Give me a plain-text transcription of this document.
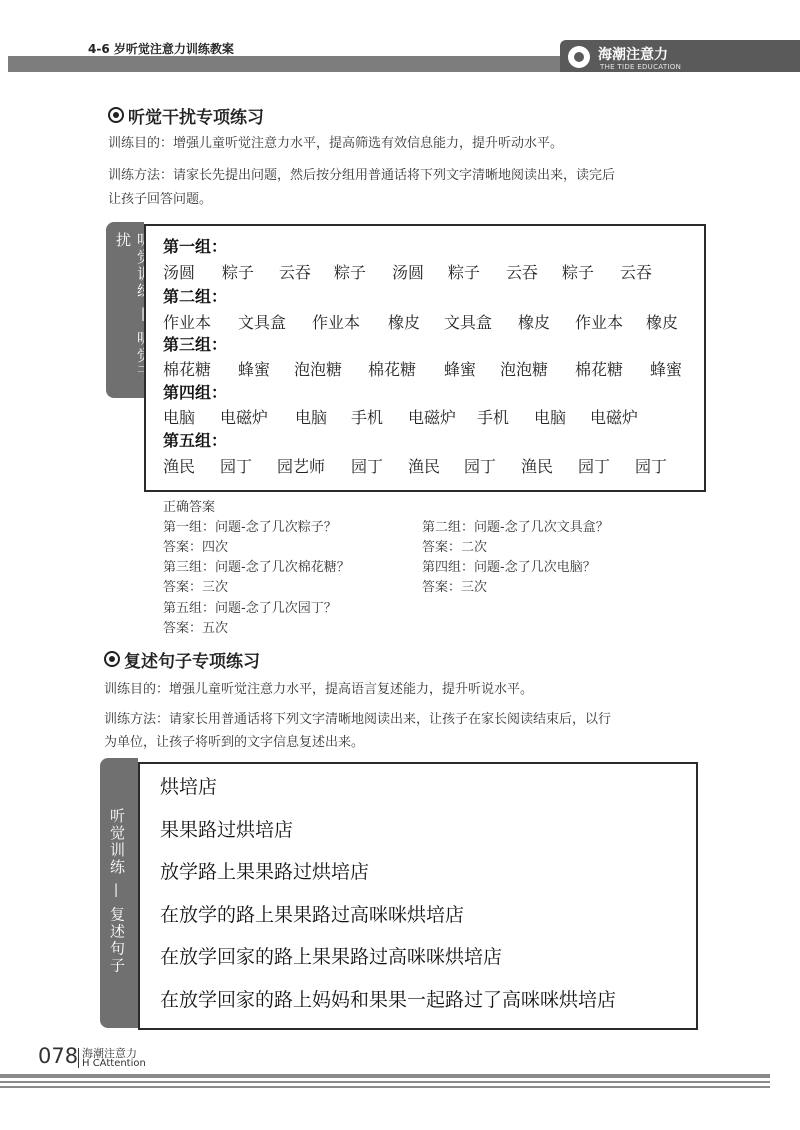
4-6 岁听觉注意力训练教案	海潮注意力
THE TIDE EDUCATION
听觉干扰专项练习
训练目的：增强儿童听觉注意力水平，提高筛选有效信息能力，提升听动水平。
训练方法：请家长先提出问题，然后按分组用普通话将下列文字清晰地阅读出来，读完后
让孩子回答问题。
扰	第一组：
第二组：
第三组：
第四组：
第五组：
汤圆 粽子 云吞 粽子 汤圆 粽子 云吞 粽子 云吞
作业本 文具盒 作业本 橡皮 文具盒 橡皮 作业本 橡皮
棉花糖 蜂蜜 泡泡糖 棉花糖 蜂蜜 泡泡糖 棉花糖 蜂蜜
电脑 电磁炉 电脑 手机 电磁炉 手机 电脑 电磁炉
渔民 园丁 园艺师 园丁 渔民 园丁 渔民 园丁 园丁
正确答案
第一组：问题-念了几次粽子？
答案：四次
第二组：问题-念了几次文具盒？
答案：二次
第三组：问题-念了几次棉花糖？
答案：三次
第四组：问题-念了几次电脑？
答案：三次
第五组：问题-念了几次园丁？
答案：五次
复述句子专项练习
训练目的：增强儿童听觉注意力水平，提高语言复述能力，提升听说水平。
训练方法：请家长用普通话将下列文字清晰地阅读出来，让孩子在家长阅读结束后，以行
为单位，让孩子将听到的文字信息复述出来。
听觉训练 — 复述句子
烘培店
果果路过烘培店
放学路上果果路过烘培店
在放学的路上果果路过高咪咪烘培店
在放学回家的路上果果路过高咪咪烘培店
在放学回家的路上妈妈和果果一起路过了高咪咪烘培店
078 海潮注意力
H CAttention
